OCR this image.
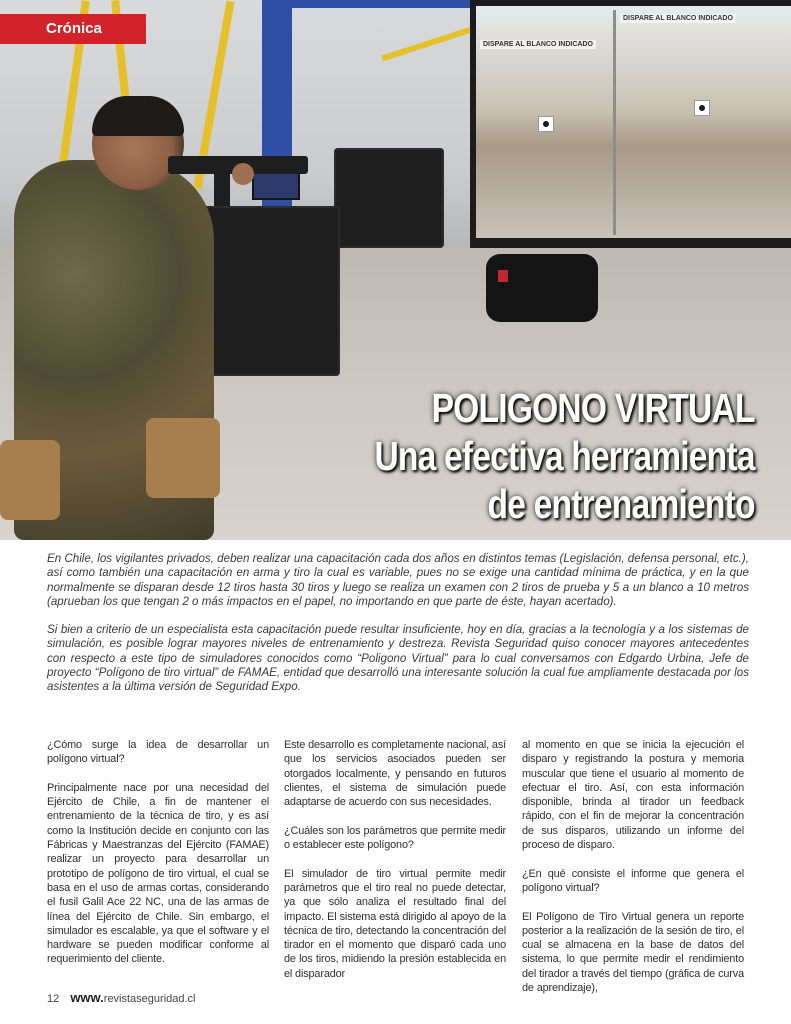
DISPARE AL BLANCO INDICADO
DISPARE AL BLANCO INDICADO
Crónica
POLIGONO VIRTUAL
Una efectiva herramienta
de entrenamiento

En Chile, los vigilantes privados, deben realizar una capacitación cada dos años en distintos temas (Legislación, defensa personal, etc.), así como también una capacitación en arma y tiro la cual es variable, pues no se exige una cantidad mínima de práctica, y en la que normalmente se disparan desde 12 tiros hasta 30 tiros y luego se realiza un examen con 2 tiros de prueba y 5 a un blanco a 10 metros (aprueban los que tengan 2 o más impactos en el papel, no importando en que parte de éste, hayan acertado).

Si bien a criterio de un especialista esta capacitación puede resultar insuficiente, hoy en día, gracias a la tecnología y a los sistemas de simulación, es posible lograr mayores niveles de entrenamiento y destreza. Revista Seguridad quiso conocer mayores antecedentes con respecto a este tipo de simuladores conocidos como “Poligono Virtual” para lo cual conversamos con Edgardo Urbina, Jefe de proyecto “Polígono de tiro virtual” de FAMAE, entidad que desarrolló una interesante solución la cual fue ampliamente destacada por los asistentes a la última versión de Seguridad Expo.

¿Cómo surge la idea de desarrollar un polígono virtual?

Principalmente nace por una necesidad del Ejército de Chile, a fin de mantener el entrenamiento de la técnica de tiro, y es así como la Institución decide en conjunto con las Fábricas y Maestranzas del Ejército (FAMAE) realizar un proyecto para desarrollar un prototipo de polígono de tiro virtual, el cual se basa en el uso de armas cortas, considerando el fusil Galil Ace 22 NC, una de las armas de línea del Ejército de Chile. Sin embargo, el simulador es escalable, ya que el software y el hardware se pueden modificar conforme al requerimiento del cliente.

Este desarrollo es completamente nacional, así que los servicios asociados pueden ser otorgados localmente, y pensando en futuros clientes, el sistema de simulación puede adaptarse de acuerdo con sus necesidades.

¿Cuáles son los parámetros que permite medir o establecer este polígono?

El simulador de tiro virtual permite medir parámetros que el tiro real no puede detectar, ya que sólo analiza el resultado final del impacto. El sistema está dirigido al apoyo de la técnica de tiro, detectando la concentración del tirador en el momento que disparó cada uno de los tiros, midiendo la presión establecida en el disparador

al momento en que se inicia la ejecución el disparo y registrando la postura y memoria muscular que tiene el usuario al momento de efectuar el tiro. Así, con esta información disponible, brinda al tirador un feedback rápido, con el fin de mejorar la concentración de sus disparos, utilizando un informe del proceso de disparo.

¿En qué consiste el informe que genera el polígono virtual?

El Polígono de Tiro Virtual genera un reporte posterior a la realización de la sesión de tiro, el cual se almacena en la base de datos del sistema, lo que permite medir el rendimiento del tirador a través del tiempo (gráfica de curva de aprendizaje),

12 www.revistaseguridad.cl
